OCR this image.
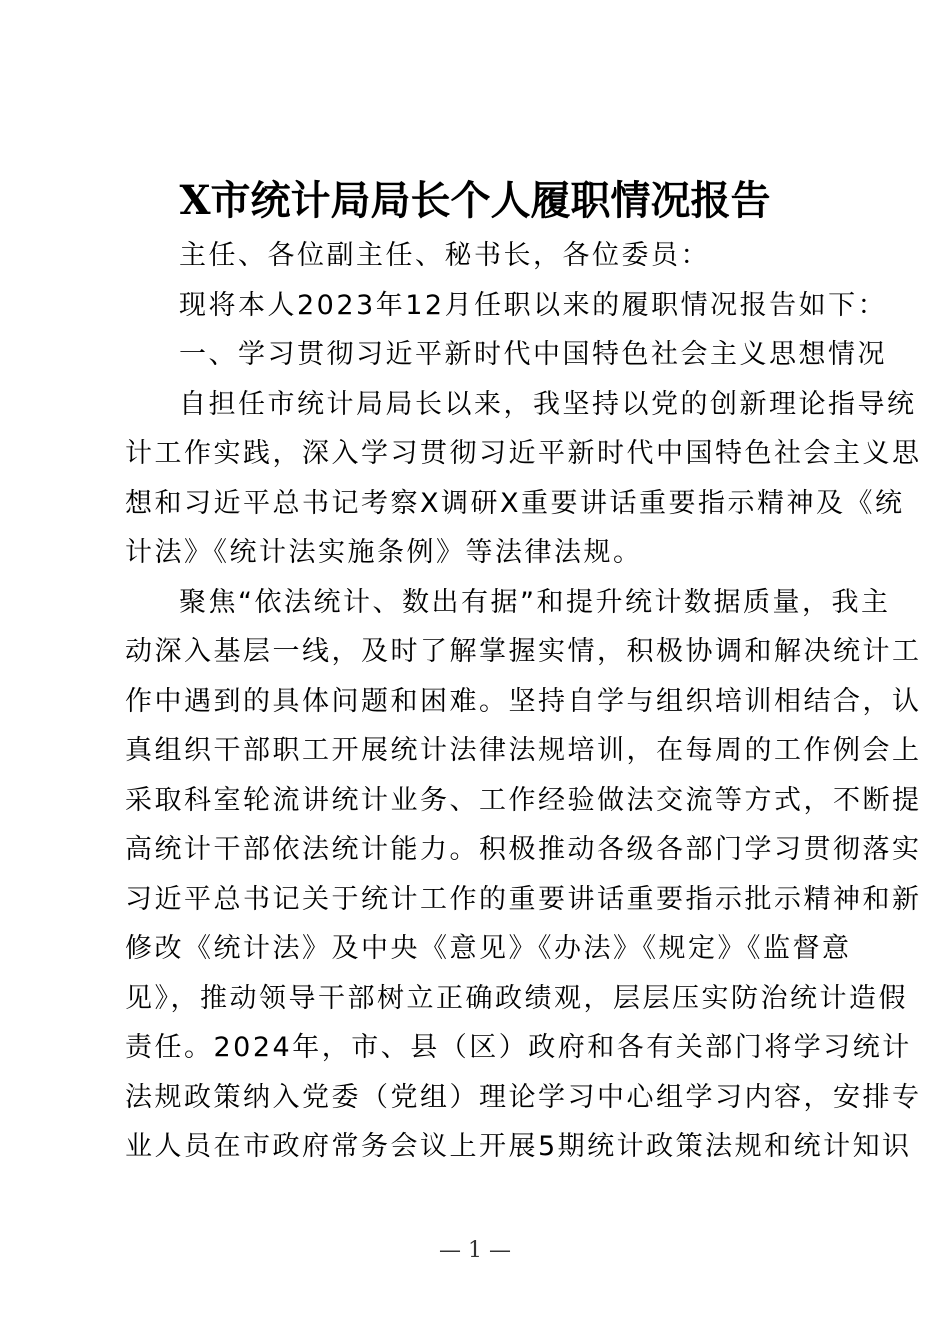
X市统计局局长个人履职情况报告
主任、各位副主任、秘书长，各位委员：
现将本人2023年12月任职以来的履职情况报告如下：
一、学习贯彻习近平新时代中国特色社会主义思想情况
自担任市统计局局长以来，我坚持以党的创新理论指导统
计工作实践，深入学习贯彻习近平新时代中国特色社会主义思
想和习近平总书记考察X调研X重要讲话重要指示精神及《统
计法》《统计法实施条例》等法律法规。
聚焦“依法统计、数出有据”和提升统计数据质量，我主
动深入基层一线，及时了解掌握实情，积极协调和解决统计工
作中遇到的具体问题和困难。坚持自学与组织培训相结合，认
真组织干部职工开展统计法律法规培训，在每周的工作例会上
采取科室轮流讲统计业务、工作经验做法交流等方式，不断提
高统计干部依法统计能力。积极推动各级各部门学习贯彻落实
习近平总书记关于统计工作的重要讲话重要指示批示精神和新
修改《统计法》及中央《意见》《办法》《规定》《监督意
见》，推动领导干部树立正确政绩观，层层压实防治统计造假
责任。2024年，市、县（区）政府和各有关部门将学习统计
法规政策纳入党委（党组）理论学习中心组学习内容，安排专
业人员在市政府常务会议上开展5期统计政策法规和统计知识
— 1 —
